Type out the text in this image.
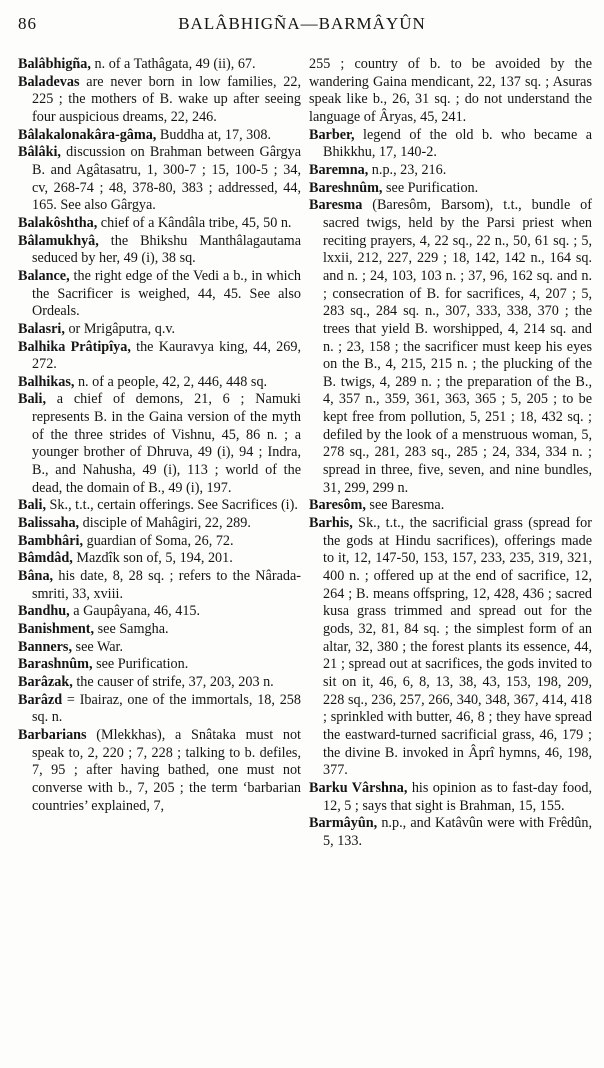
86	BALÂBHIGÑA—BARMÂYÛN

Balâbhigña, n. of a Tathâgata, 49 (ii), 67.

Baladevas are never born in low families, 22, 225 ; the mothers of B. wake up after seeing four auspicious dreams, 22, 246.

Bâlakalonakâra-gâma, Buddha at, 17, 308.

Bâlâki, discussion on Brahman between Gârgya B. and Agâtasatru, 1, 300-7 ; 15, 100-5 ; 34, cv, 268-74 ; 48, 378-80, 383 ; addressed, 44, 165. See also Gârgya.

Balakôshtha, chief of a Kândâla tribe, 45, 50 n.

Bâlamukhyâ, the Bhikshu Manthâlagautama seduced by her, 49 (i), 38 sq.

Balance, the right edge of the Vedi a b., in which the Sacrificer is weighed, 44, 45. See also Ordeals.

Balasri, or Mrigâputra, q.v.

Balhika Prâtipîya, the Kauravya king, 44, 269, 272.

Balhikas, n. of a people, 42, 2, 446, 448 sq.

Bali, a chief of demons, 21, 6 ; Namuki represents B. in the Gaina version of the myth of the three strides of Vishnu, 45, 86 n. ; a younger brother of Dhruva, 49 (i), 94 ; Indra, B., and Nahusha, 49 (i), 113 ; world of the dead, the domain of B., 49 (i), 197.

Bali, Sk., t.t., certain offerings. See Sacrifices (i).

Balissaha, disciple of Mahâgiri, 22, 289.

Bambhâri, guardian of Soma, 26, 72.

Bâmdâd, Mazdîk son of, 5, 194, 201.

Bâna, his date, 8, 28 sq. ; refers to the Nârada-smriti, 33, xviii.

Bandhu, a Gaupâyana, 46, 415.

Banishment, see Samgha.

Banners, see War.

Barashnûm, see Purification.

Barâzak, the causer of strife, 37, 203, 203 n.

Barâzd = Ibairaz, one of the immortals, 18, 258 sq. n.

Barbarians (Mlekkhas), a Snâtaka must not speak to, 2, 220 ; 7, 228 ; talking to b. defiles, 7, 95 ; after having bathed, one must not converse with b., 7, 205 ; the term ‘barbarian countries’ explained, 7,

255 ; country of b. to be avoided by the wandering Gaina mendicant, 22, 137 sq. ; Asuras speak like b., 26, 31 sq. ; do not understand the language of Âryas, 45, 241.

Barber, legend of the old b. who became a Bhikkhu, 17, 140-2.

Baremna, n.p., 23, 216.

Bareshnûm, see Purification.

Baresma (Baresôm, Barsom), t.t., bundle of sacred twigs, held by the Parsi priest when reciting prayers, 4, 22 sq., 22 n., 50, 61 sq. ; 5, lxxii, 212, 227, 229 ; 18, 142, 142 n., 164 sq. and n. ; 24, 103, 103 n. ; 37, 96, 162 sq. and n. ; consecration of B. for sacrifices, 4, 207 ; 5, 283 sq., 284 sq. n., 307, 333, 338, 370 ; the trees that yield B. worshipped, 4, 214 sq. and n. ; 23, 158 ; the sacrificer must keep his eyes on the B., 4, 215, 215 n. ; the plucking of the B. twigs, 4, 289 n. ; the preparation of the B., 4, 357 n., 359, 361, 363, 365 ; 5, 205 ; to be kept free from pollution, 5, 251 ; 18, 432 sq. ; defiled by the look of a menstruous woman, 5, 278 sq., 281, 283 sq., 285 ; 24, 334, 334 n. ; spread in three, five, seven, and nine bundles, 31, 299, 299 n.

Baresôm, see Baresma.

Barhis, Sk., t.t., the sacrificial grass (spread for the gods at Hindu sacrifices), offerings made to it, 12, 147-50, 153, 157, 233, 235, 319, 321, 400 n. ; offered up at the end of sacrifice, 12, 264 ; B. means offspring, 12, 428, 436 ; sacred kusa grass trimmed and spread out for the gods, 32, 81, 84 sq. ; the simplest form of an altar, 32, 380 ; the forest plants its essence, 44, 21 ; spread out at sacrifices, the gods invited to sit on it, 46, 6, 8, 13, 38, 43, 153, 198, 209, 228 sq., 236, 257, 266, 340, 348, 367, 414, 418 ; sprinkled with butter, 46, 8 ; they have spread the eastward-turned sacrificial grass, 46, 179 ; the divine B. invoked in Âprî hymns, 46, 198, 377.

Barku Vârshna, his opinion as to fast-day food, 12, 5 ; says that sight is Brahman, 15, 155.

Barmâyûn, n.p., and Katâvûn were with Frêdûn, 5, 133.
